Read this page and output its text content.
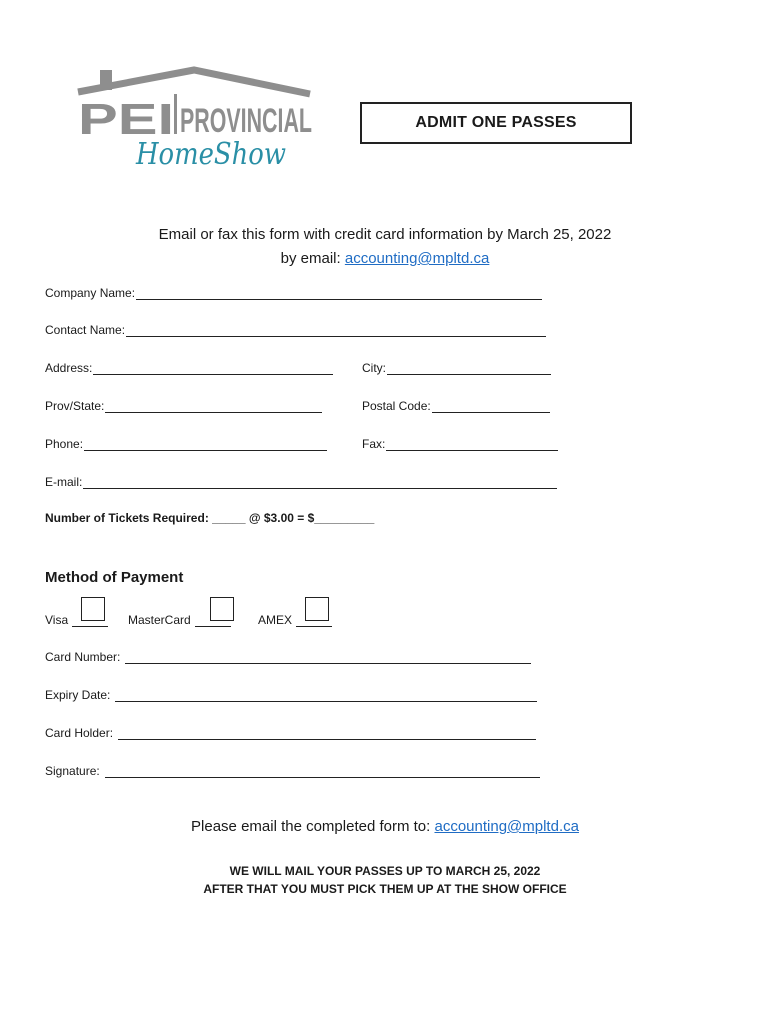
PEI PROVINCIAL
HomeShow
ADMIT ONE PASSES
Email or fax this form with credit card information by March 25, 2022
by email: accounting@mpltd.ca
Company Name:
Contact Name:
Address:	City:
Prov/State:	Postal Code:
Phone:	Fax:
E-mail:
Number of Tickets Required: _____ @ $3.00 = $_________
Method of Payment
Visa	MasterCard	AMEX
Card Number:
Expiry Date:
Card Holder:
Signature:
Please email the completed form to: accounting@mpltd.ca
WE WILL MAIL YOUR PASSES UP TO MARCH 25, 2022
AFTER THAT YOU MUST PICK THEM UP AT THE SHOW OFFICE
